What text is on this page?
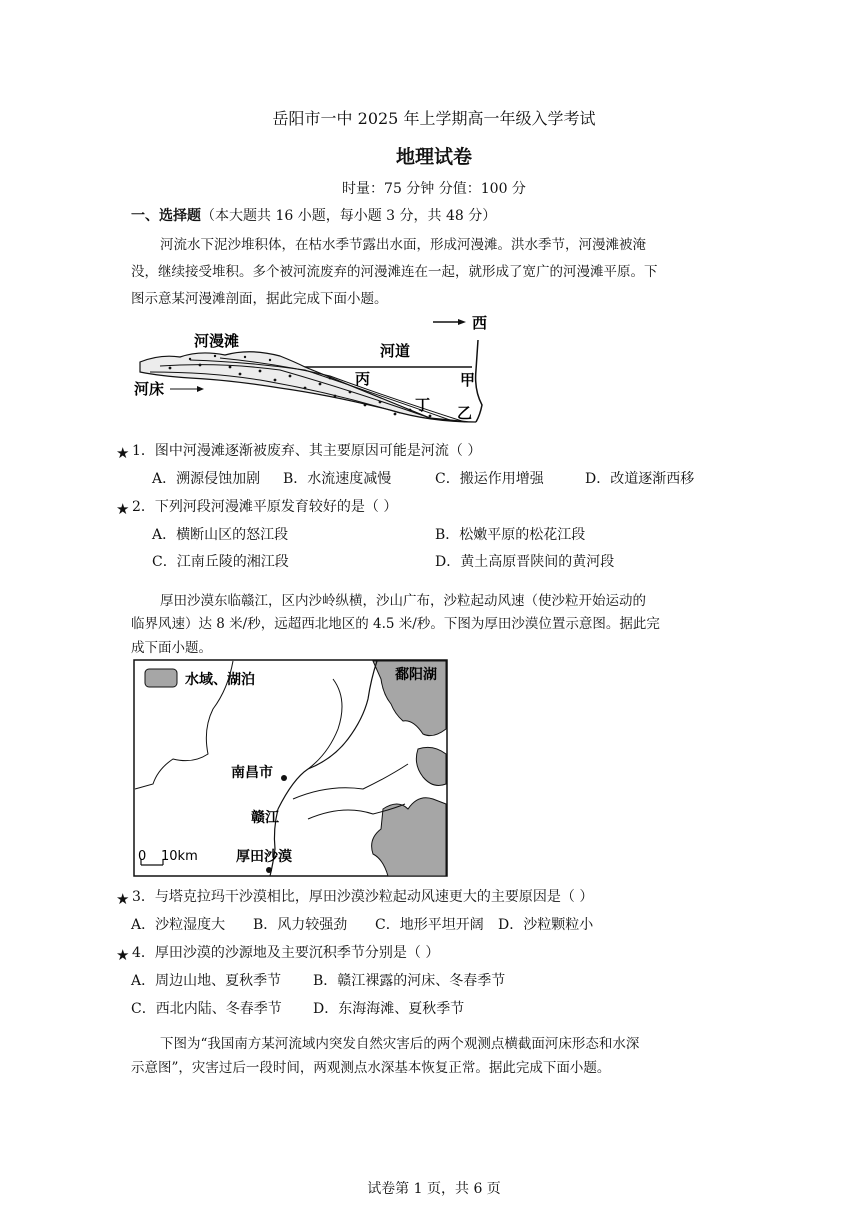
岳阳市一中 2025 年上学期高一年级入学考试
地理试卷
时量：75 分钟 分值：100 分
一、选择题（本大题共 16 小题，每小题 3 分，共 48 分）
河流水下泥沙堆积体，在枯水季节露出水面，形成河漫滩。洪水季节，河漫滩被淹
没，继续接受堆积。多个被河流废弃的河漫滩连在一起，就形成了宽广的河漫滩平原。下
图示意某河漫滩剖面，据此完成下面小题。
西
河漫滩
河道
河床
丙	甲
丁 乙
★ 1．图中河漫滩逐渐被废弃、其主要原因可能是河流（ ）
A．溯源侵蚀加剧 B．水流速度减慢	C．搬运作用增强	D．改道逐渐西移
★ 2．下列河段河漫滩平原发育较好的是（ ）
A．横断山区的怒江段	B．松嫩平原的松花江段
C．江南丘陵的湘江段	D．黄土高原晋陕间的黄河段
厚田沙漠东临赣江，区内沙岭纵横，沙山广布，沙粒起动风速（使沙粒开始运动的
临界风速）达 8 米/秒，远超西北地区的 4.5 米/秒。下图为厚田沙漠位置示意图。据此完
成下面小题。
水域、湖泊	鄱阳湖
南昌市
赣江
厚田沙漠
0 10km
★ 3．与塔克拉玛干沙漠相比，厚田沙漠沙粒起动风速更大的主要原因是（ ）
A．沙粒湿度大 B．风力较强劲 C．地形平坦开阔 D．沙粒颗粒小
★ 4．厚田沙漠的沙源地及主要沉积季节分别是（ ）
A．周边山地、夏秋季节 B．赣江裸露的河床、冬春季节
C．西北内陆、冬春季节 D．东海海滩、夏秋季节
下图为“我国南方某河流域内突发自然灾害后的两个观测点横截面河床形态和水深
示意图”，灾害过后一段时间，两观测点水深基本恢复正常。据此完成下面小题。
试卷第 1 页，共 6 页
